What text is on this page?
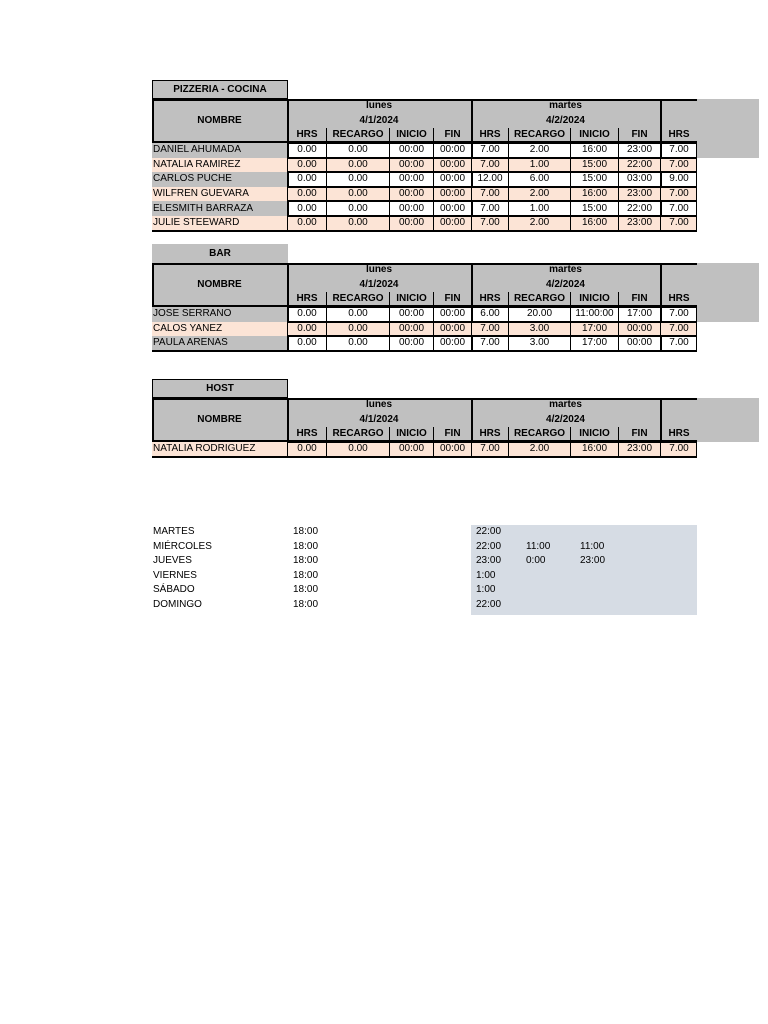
PIZZERIA - COCINA
NOMBRE
lunes	martes
4/1/2024	4/2/2024
HRS	RECARGO	INICIO	FIN	HRS	RECARGO	INICIO	FIN	HRS
DANIEL AHUMADA	0.00	0.00	00:00	00:00	7.00	2.00	16:00	23:00	7.00
NATALIA RAMIREZ	0.00	0.00	00:00	00:00	7.00	1.00	15:00	22:00	7.00
CARLOS PUCHE	0.00	0.00	00:00	00:00	12.00	6.00	15:00	03:00	9.00
WILFREN GUEVARA	0.00	0.00	00:00	00:00	7.00	2.00	16:00	23:00	7.00
ELESMITH BARRAZA	0.00	0.00	00:00	00:00	7.00	1.00	15:00	22:00	7.00
JULIE STEEWARD	0.00	0.00	00:00	00:00	7.00	2.00	16:00	23:00	7.00
BAR
NOMBRE
lunes	martes
4/1/2024	4/2/2024
HRS	RECARGO	INICIO	FIN	HRS	RECARGO	INICIO	FIN	HRS
JOSE SERRANO	0.00	0.00	00:00	00:00	6.00	20.00	11:00:00	17:00	7.00
CALOS YANEZ	0.00	0.00	00:00	00:00	7.00	3.00	17:00	00:00	7.00
PAULA ARENAS	0.00	0.00	00:00	00:00	7.00	3.00	17:00	00:00	7.00
HOST
NOMBRE
lunes	martes
4/1/2024	4/2/2024
HRS	RECARGO	INICIO	FIN	HRS	RECARGO	INICIO	FIN	HRS
NATALIA RODRIGUEZ	0.00	0.00	00:00	00:00	7.00	2.00	16:00	23:00	7.00
MARTES	18:00	22:00
MIÉRCOLES	18:00	22:00	11:00	11:00
JUEVES	18:00	23:00	0:00	23:00
VIERNES	18:00	1:00
SÁBADO	18:00	1:00
DOMINGO	18:00	22:00
